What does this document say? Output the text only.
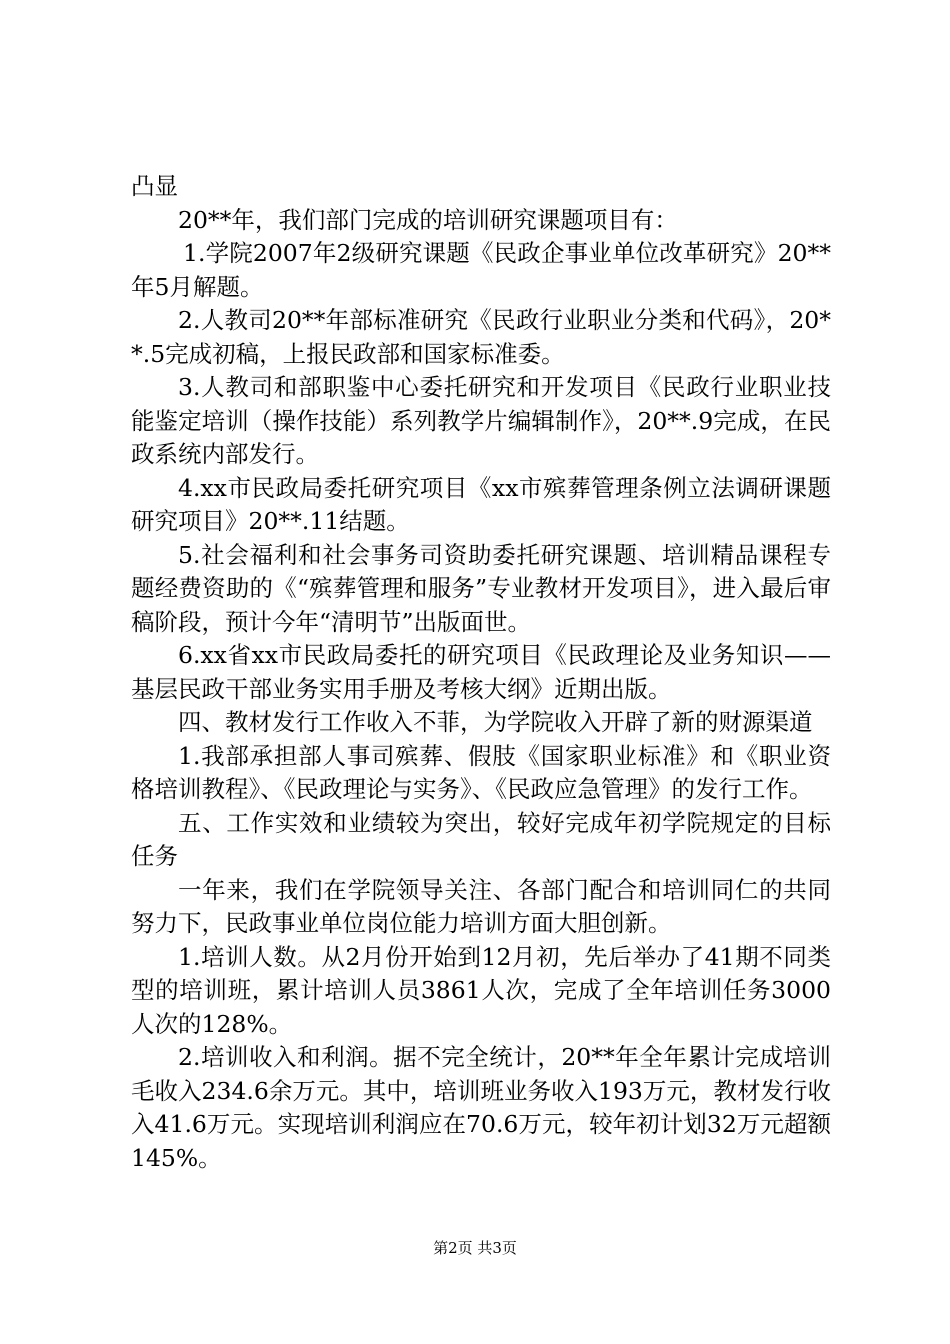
凸显

20**年，我们部门完成的培训研究课题项目有：

1.学院2007年2级研究课题《民政企事业单位改革研究》20**年5月解题。

2.人教司20**年部标准研究《民政行业职业分类和代码》，20**.5完成初稿，上报民政部和国家标准委。

3.人教司和部职鉴中心委托研究和开发项目《民政行业职业技能鉴定培训（操作技能）系列教学片编辑制作》，20**.9完成，在民政系统内部发行。

4.xx市民政局委托研究项目《xx市殡葬管理条例立法调研课题研究项目》20**.11结题。

5.社会福利和社会事务司资助委托研究课题、培训精品课程专题经费资助的《“殡葬管理和服务”专业教材开发项目》，进入最后审稿阶段，预计今年“清明节”出版面世。

6.xx省xx市民政局委托的研究项目《民政理论及业务知识——基层民政干部业务实用手册及考核大纲》近期出版。

四、教材发行工作收入不菲，为学院收入开辟了新的财源渠道

1.我部承担部人事司殡葬、假肢《国家职业标准》和《职业资格培训教程》、《民政理论与实务》、《民政应急管理》的发行工作。

五、工作实效和业绩较为突出，较好完成年初学院规定的目标任务

一年来，我们在学院领导关注、各部门配合和培训同仁的共同努力下，民政事业单位岗位能力培训方面大胆创新。

1.培训人数。从2月份开始到12月初，先后举办了41期不同类型的培训班，累计培训人员3861人次，完成了全年培训任务3000人次的128%。

2.培训收入和利润。据不完全统计，20**年全年累计完成培训毛收入234.6余万元。其中，培训班业务收入193万元，教材发行收入41.6万元。实现培训利润应在70.6万元，较年初计划32万元超额145%。

第2页 共3页
